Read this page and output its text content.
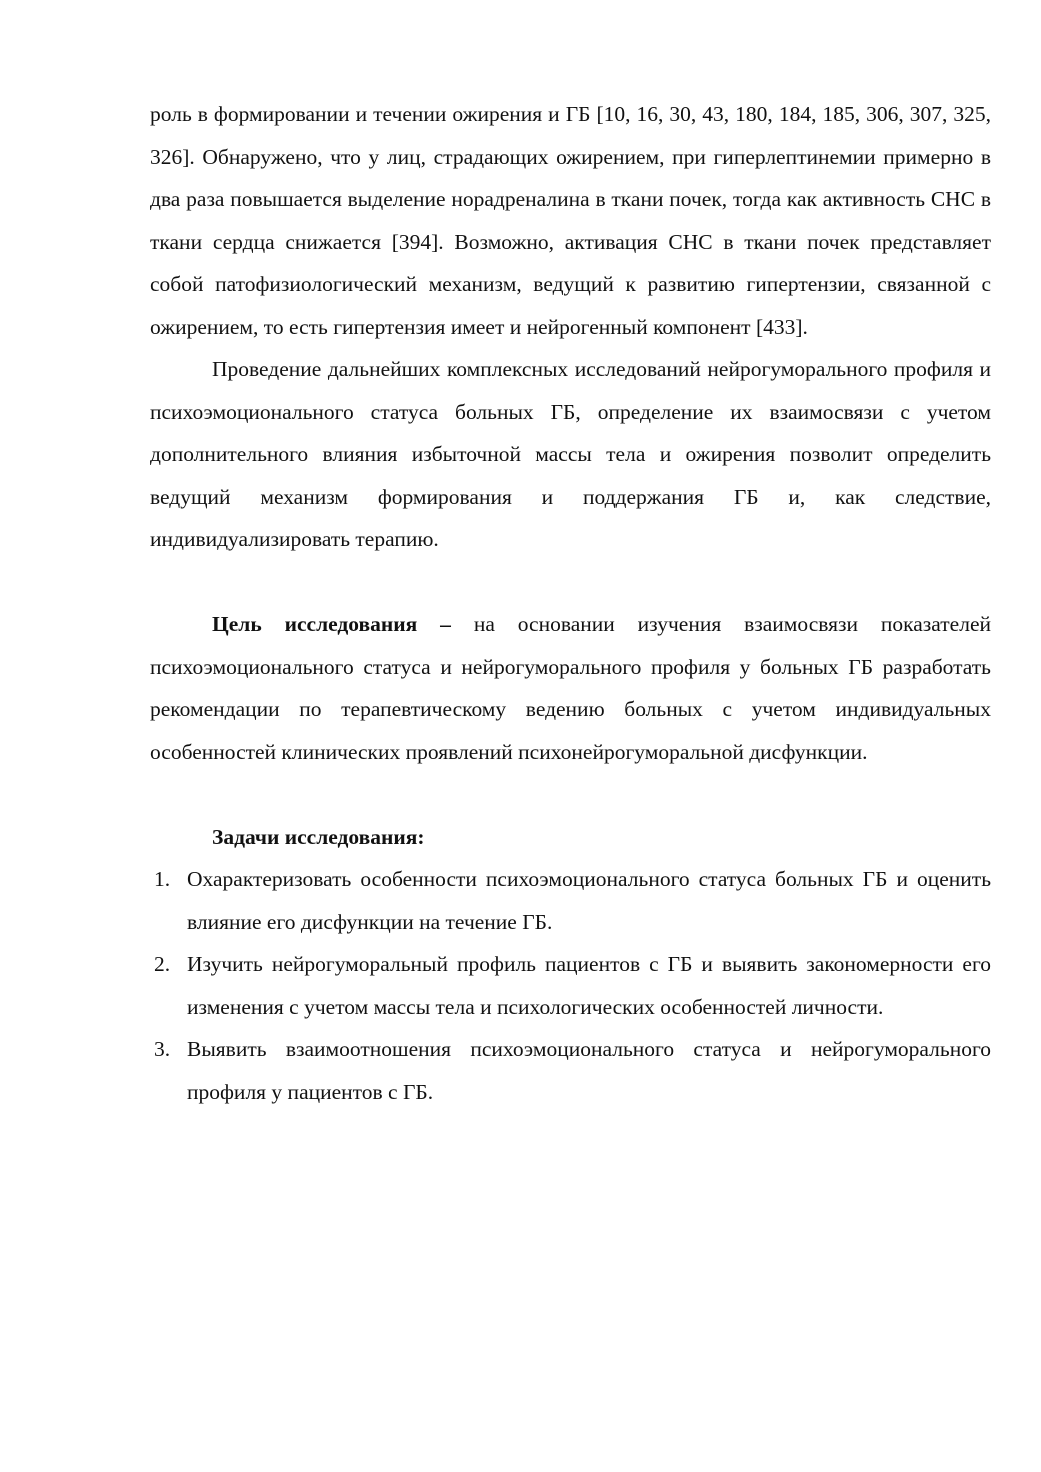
роль в формировании и течении ожирения и ГБ [10, 16, 30, 43, 180, 184, 185, 306, 307, 325, 326]. Обнаружено, что у лиц, страдающих ожирением, при гиперлептинемии примерно в два раза повышается выделение норадреналина в ткани почек, тогда как активность СНС в ткани сердца снижается [394]. Возможно, активация СНС в ткани почек представляет собой патофизиологический механизм, ведущий к развитию гипертензии, связанной с ожирением, то есть гипертензия имеет и нейрогенный компонент [433].

Проведение дальнейших комплексных исследований нейрогуморального профиля и психоэмоционального статуса больных ГБ, определение их взаимосвязи с учетом дополнительного влияния избыточной массы тела и ожирения позволит определить ведущий механизм формирования и поддержания ГБ и, как следствие, индивидуализировать терапию.

Цель исследования – на основании изучения взаимосвязи показателей психоэмоционального статуса и нейрогуморального профиля у больных ГБ разработать рекомендации по терапевтическому ведению больных с учетом индивидуальных особенностей клинических проявлений психонейрогуморальной дисфункции.

Задачи исследования:

1. Охарактеризовать особенности психоэмоционального статуса больных ГБ и оценить влияние его дисфункции на течение ГБ.
2. Изучить нейрогуморальный профиль пациентов с ГБ и выявить закономерности его изменения с учетом массы тела и психологических особенностей личности.
3. Выявить взаимоотношения психоэмоционального статуса и нейрогуморального профиля у пациентов с ГБ.
